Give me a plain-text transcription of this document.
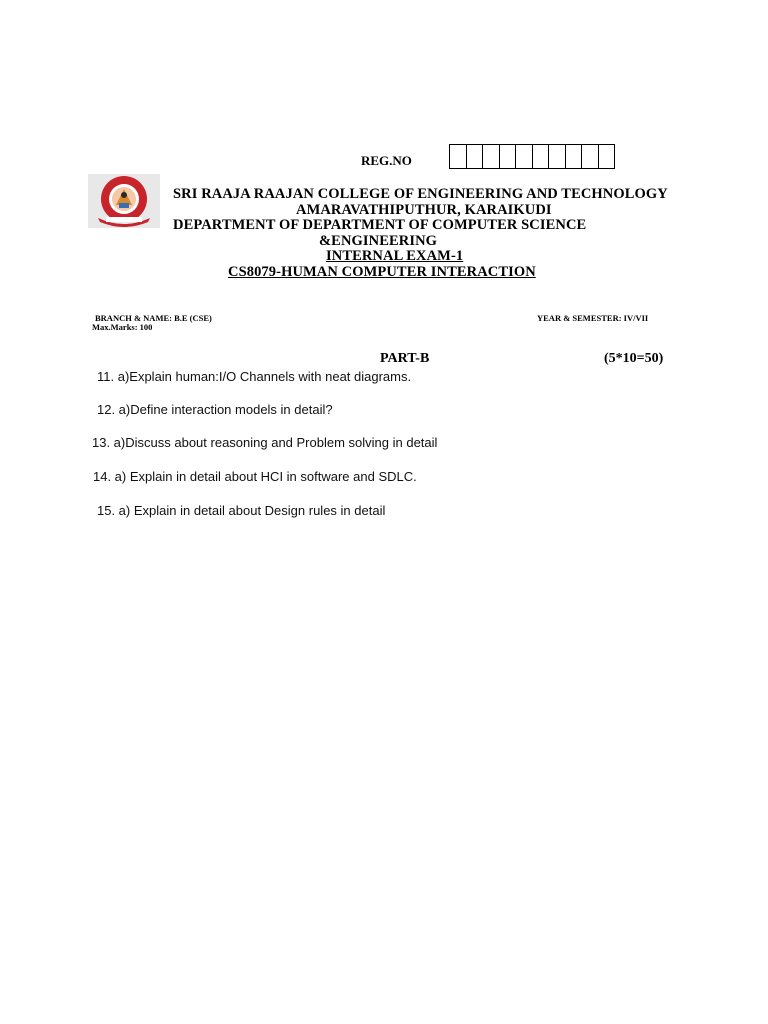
REG.NO
SRI RAAJA RAAJAN COLLEGE OF ENGINEERING AND TECHNOLOGY
AMARAVATHIPUTHUR, KARAIKUDI
DEPARTMENT OF DEPARTMENT OF COMPUTER SCIENCE
&ENGINEERING
INTERNAL EXAM-1
CS8079-HUMAN COMPUTER INTERACTION
BRANCH & NAME: B.E (CSE)
Max.Marks: 100
YEAR & SEMESTER: IV/VII
PART-B	(5*10=50)
11. a)Explain human:I/O Channels with neat diagrams.
12. a)Define interaction models in detail?
13. a)Discuss about reasoning and Problem solving in detail
14. a) Explain in detail about HCI in software and SDLC.
15. a) Explain in detail about Design rules in detail
